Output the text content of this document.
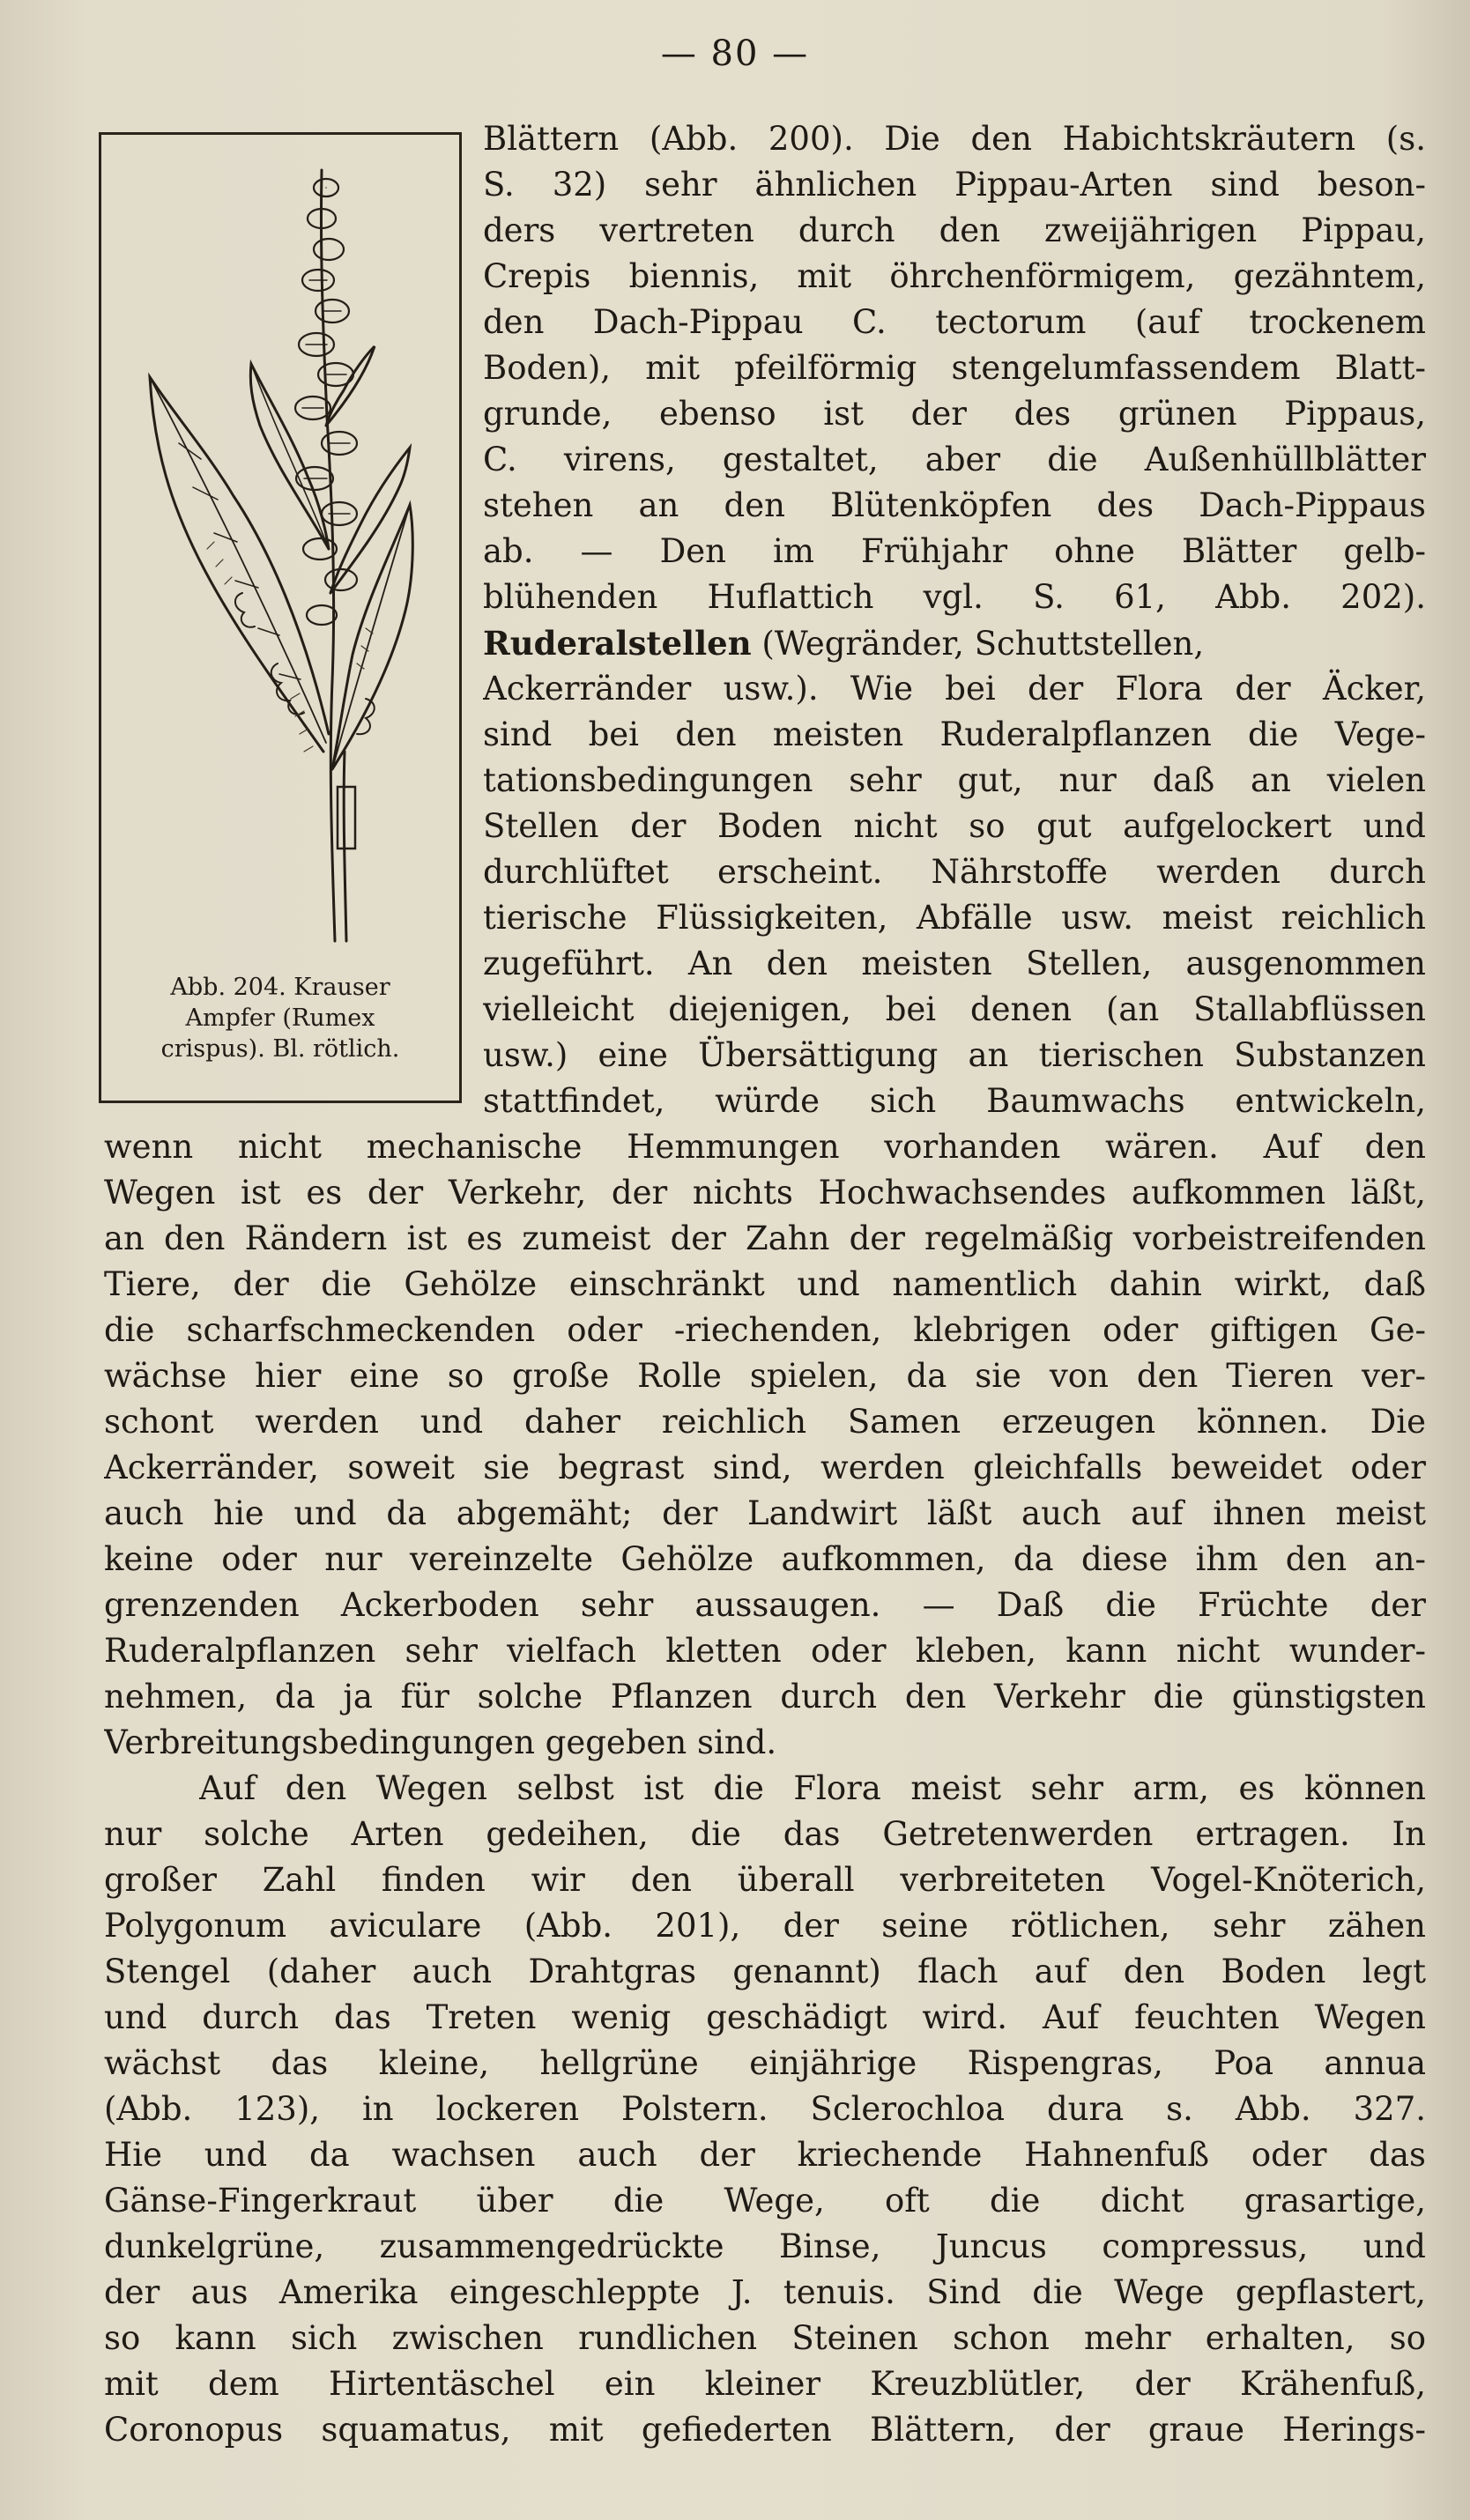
— 80 —
Abb. 204. Krauser
Ampfer (Rumex
crispus). Bl. rötlich.
Blättern (Abb. 200). Die den Habichtskräutern (s.
S. 32) sehr ähnlichen Pippau-Arten sind beson-
ders vertreten durch den zweijährigen Pippau,
Crepis biennis, mit öhrchenförmigem, gezähntem,
den Dach-Pippau C. tectorum (auf trockenem
Boden), mit pfeilförmig stengelumfassendem Blatt-
grunde, ebenso ist der des grünen Pippaus,
C. virens, gestaltet, aber die Außenhüllblätter
stehen an den Blütenköpfen des Dach-Pippaus
ab. — Den im Frühjahr ohne Blätter gelb-
blühenden Huflattich vgl. S. 61, Abb. 202).
Ruderalstellen (Wegränder, Schuttstellen,
Ackerränder usw.). Wie bei der Flora der Äcker,
sind bei den meisten Ruderalpflanzen die Vege-
tationsbedingungen sehr gut, nur daß an vielen
Stellen der Boden nicht so gut aufgelockert und
durchlüftet erscheint. Nährstoffe werden durch
tierische Flüssigkeiten, Abfälle usw. meist reichlich
zugeführt. An den meisten Stellen, ausgenommen
vielleicht diejenigen, bei denen (an Stallabflüssen
usw.) eine Übersättigung an tierischen Substanzen
stattfindet, würde sich Baumwachs entwickeln,
wenn nicht mechanische Hemmungen vorhanden wären. Auf den
Wegen ist es der Verkehr, der nichts Hochwachsendes aufkommen läßt,
an den Rändern ist es zumeist der Zahn der regelmäßig vorbeistreifenden
Tiere, der die Gehölze einschränkt und namentlich dahin wirkt, daß
die scharfschmeckenden oder -riechenden, klebrigen oder giftigen Ge-
wächse hier eine so große Rolle spielen, da sie von den Tieren ver-
schont werden und daher reichlich Samen erzeugen können. Die
Ackerränder, soweit sie begrast sind, werden gleichfalls beweidet oder
auch hie und da abgemäht; der Landwirt läßt auch auf ihnen meist
keine oder nur vereinzelte Gehölze aufkommen, da diese ihm den an-
grenzenden Ackerboden sehr aussaugen. — Daß die Früchte der
Ruderalpflanzen sehr vielfach kletten oder kleben, kann nicht wunder-
nehmen, da ja für solche Pflanzen durch den Verkehr die günstigsten
Verbreitungsbedingungen gegeben sind.
Auf den Wegen selbst ist die Flora meist sehr arm, es können
nur solche Arten gedeihen, die das Getretenwerden ertragen. In
großer Zahl finden wir den überall verbreiteten Vogel-Knöterich,
Polygonum aviculare (Abb. 201), der seine rötlichen, sehr zähen
Stengel (daher auch Drahtgras genannt) flach auf den Boden legt
und durch das Treten wenig geschädigt wird. Auf feuchten Wegen
wächst das kleine, hellgrüne einjährige Rispengras, Poa annua
(Abb. 123), in lockeren Polstern. Sclerochloa dura s. Abb. 327.
Hie und da wachsen auch der kriechende Hahnenfuß oder das
Gänse-Fingerkraut über die Wege, oft die dicht grasartige,
dunkelgrüne, zusammengedrückte Binse, Juncus compressus, und
der aus Amerika eingeschleppte J. tenuis. Sind die Wege gepflastert,
so kann sich zwischen rundlichen Steinen schon mehr erhalten, so
mit dem Hirtentäschel ein kleiner Kreuzblütler, der Krähenfuß,
Coronopus squamatus, mit gefiederten Blättern, der graue Herings-
